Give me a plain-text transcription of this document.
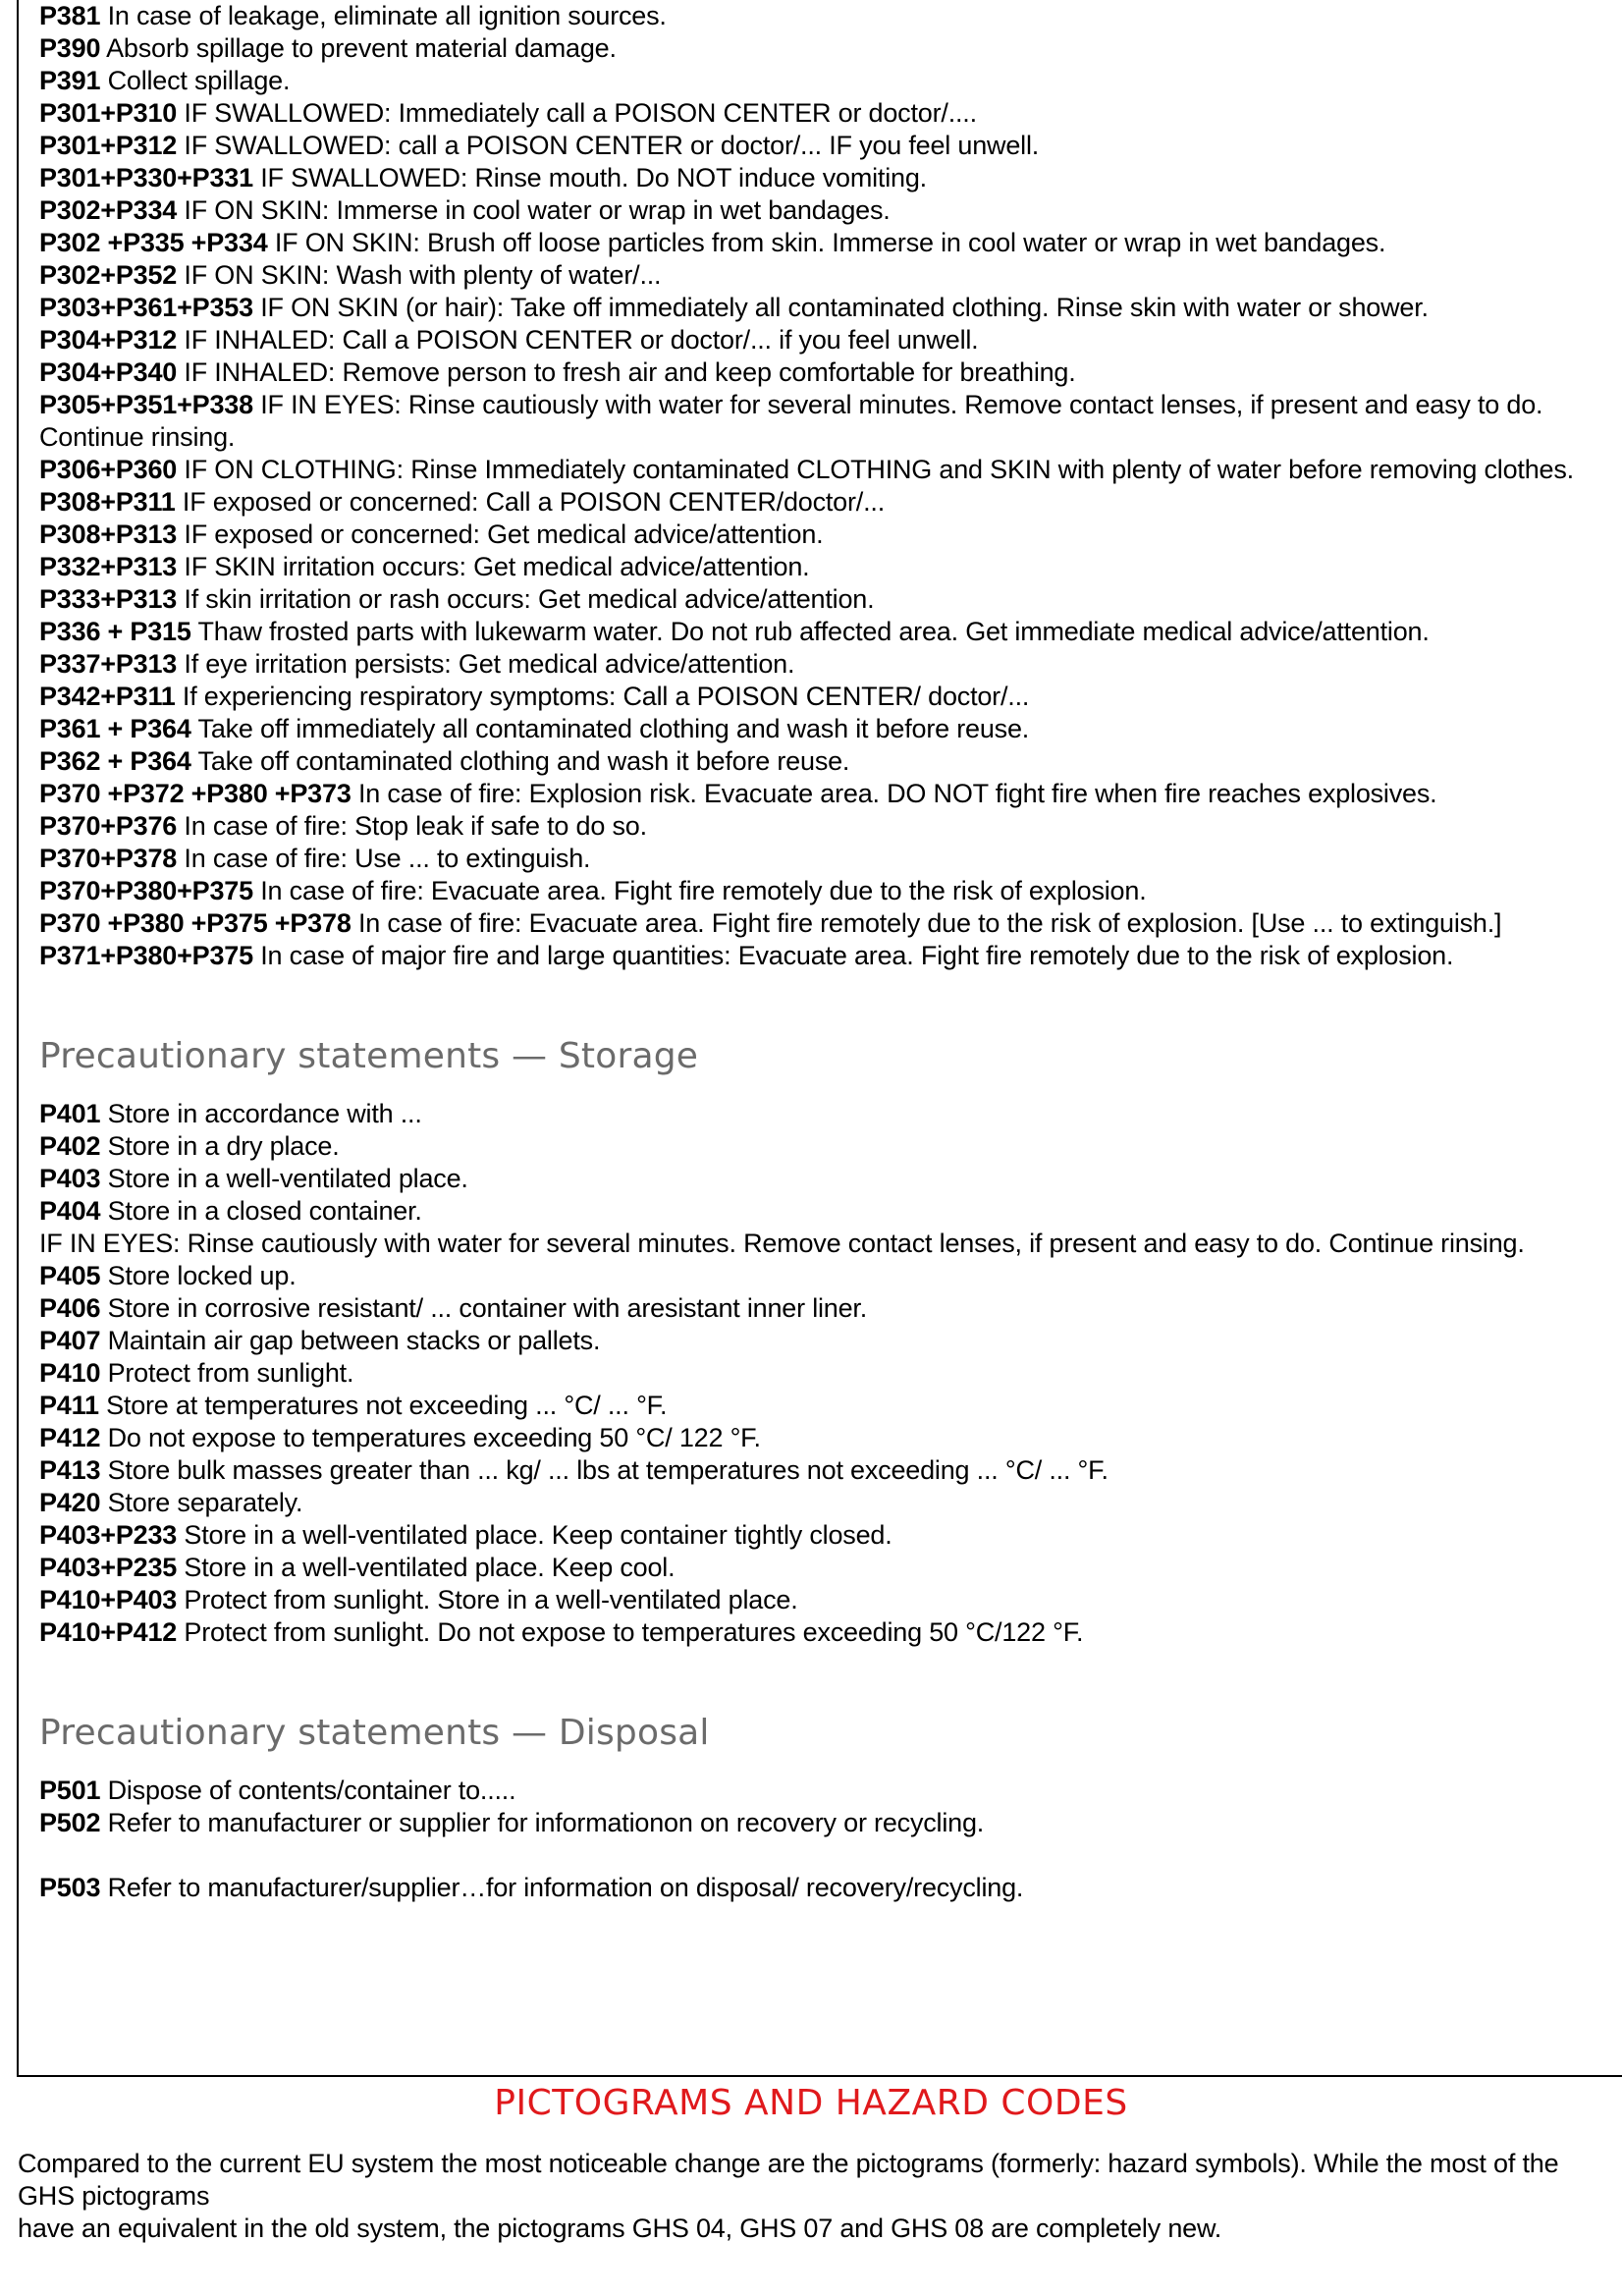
P381 In case of leakage, eliminate all ignition sources.

P390 Absorb spillage to prevent material damage.

P391 Collect spillage.

P301+P310 IF SWALLOWED: Immediately call a POISON CENTER or doctor/....

P301+P312 IF SWALLOWED: call a POISON CENTER or doctor/... IF you feel unwell.

P301+P330+P331 IF SWALLOWED: Rinse mouth. Do NOT induce vomiting.

P302+P334 IF ON SKIN: Immerse in cool water or wrap in wet bandages.

P302 +P335 +P334 IF ON SKIN: Brush off loose particles from skin. Immerse in cool water or wrap in wet bandages.

P302+P352 IF ON SKIN: Wash with plenty of water/...

P303+P361+P353 IF ON SKIN (or hair): Take off immediately all contaminated clothing. Rinse skin with water or shower.

P304+P312 IF INHALED: Call a POISON CENTER or doctor/... if you feel unwell.

P304+P340 IF INHALED: Remove person to fresh air and keep comfortable for breathing.

P305+P351+P338 IF IN EYES: Rinse cautiously with water for several minutes. Remove contact lenses, if present and easy to do. Continue rinsing.

P306+P360 IF ON CLOTHING: Rinse Immediately contaminated CLOTHING and SKIN with plenty of water before removing clothes.

P308+P311 IF exposed or concerned: Call a POISON CENTER/doctor/...

P308+P313 IF exposed or concerned: Get medical advice/attention.

P332+P313 IF SKIN irritation occurs: Get medical advice/attention.

P333+P313 If skin irritation or rash occurs: Get medical advice/attention.

P336 + P315 Thaw frosted parts with lukewarm water. Do not rub affected area. Get immediate medical advice/attention.

P337+P313 If eye irritation persists: Get medical advice/attention.

P342+P311 If experiencing respiratory symptoms: Call a POISON CENTER/ doctor/...

P361 + P364 Take off immediately all contaminated clothing and wash it before reuse.

P362 + P364 Take off contaminated clothing and wash it before reuse.

P370 +P372 +P380 +P373 In case of fire: Explosion risk. Evacuate area. DO NOT fight fire when fire reaches explosives.

P370+P376 In case of fire: Stop leak if safe to do so.

P370+P378 In case of fire: Use ... to extinguish.

P370+P380+P375 In case of fire: Evacuate area. Fight fire remotely due to the risk of explosion.

P370 +P380 +P375 +P378 In case of fire: Evacuate area. Fight fire remotely due to the risk of explosion. [Use ... to extinguish.]

P371+P380+P375 In case of major fire and large quantities: Evacuate area. Fight fire remotely due to the risk of explosion.

Precautionary statements — Storage

P401 Store in accordance with ...

P402 Store in a dry place.

P403 Store in a well-ventilated place.

P404 Store in a closed container.

IF IN EYES: Rinse cautiously with water for several minutes. Remove contact lenses, if present and easy to do. Continue rinsing.

P405 Store locked up.

P406 Store in corrosive resistant/ ... container with aresistant inner liner.

P407 Maintain air gap between stacks or pallets.

P410 Protect from sunlight.

P411 Store at temperatures not exceeding ... °C/ ... °F.

P412 Do not expose to temperatures exceeding 50 °C/ 122 °F.

P413 Store bulk masses greater than ... kg/ ... lbs at temperatures not exceeding ... °C/ ... °F.

P420 Store separately.

P403+P233 Store in a well-ventilated place. Keep container tightly closed.

P403+P235 Store in a well-ventilated place. Keep cool.

P410+P403 Protect from sunlight. Store in a well-ventilated place.

P410+P412 Protect from sunlight. Do not expose to temperatures exceeding 50 °C/122 °F.

Precautionary statements — Disposal

P501 Dispose of contents/container to.....

P502 Refer to manufacturer or supplier for informationon on recovery or recycling.

P503 Refer to manufacturer/supplier…for information on disposal/ recovery/recycling.

PICTOGRAMS AND HAZARD CODES

Compared to the current EU system the most noticeable change are the pictograms (formerly: hazard symbols). While the most of the GHS pictograms

have an equivalent in the old system, the pictograms GHS 04, GHS 07 and GHS 08 are completely new.
